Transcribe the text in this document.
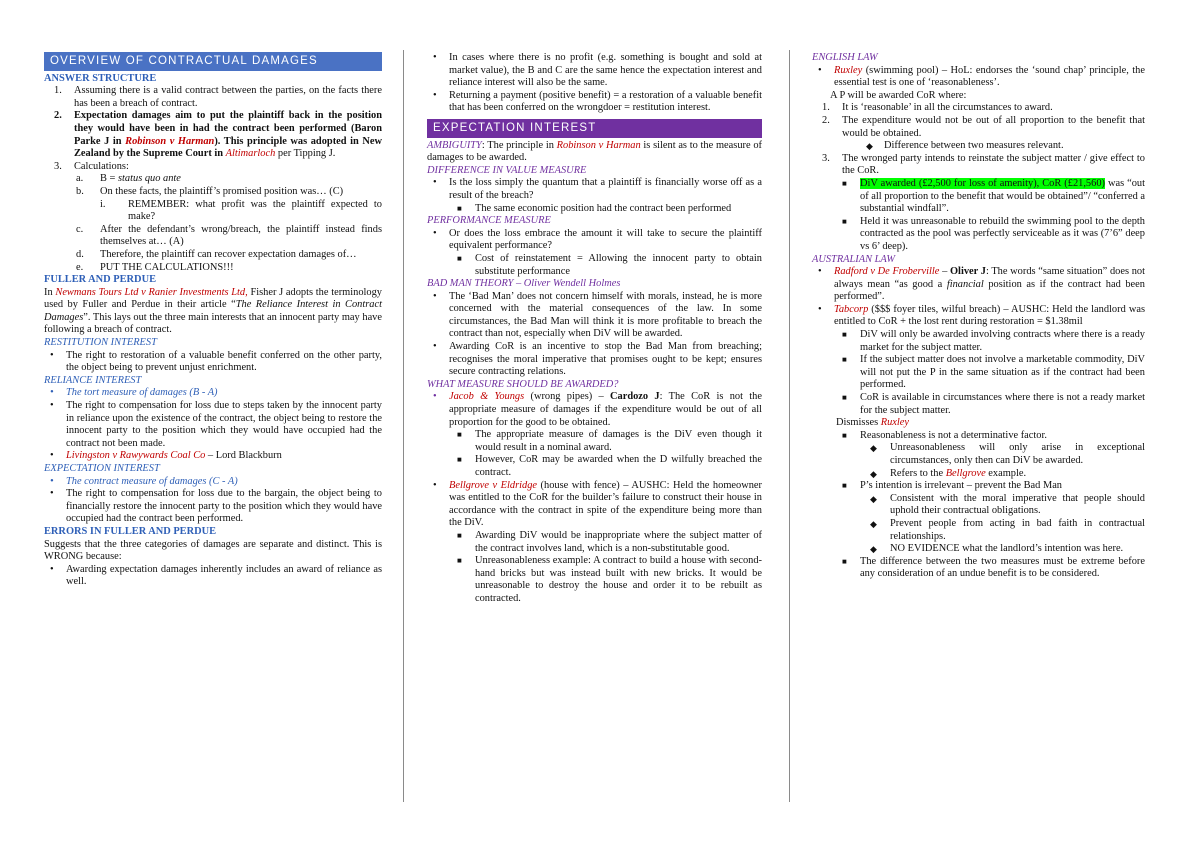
OVERVIEW OF CONTRACTUAL DAMAGES
ANSWER STRUCTURE
1. Assuming there is a valid contract between the parties, on the facts there has been a breach of contract.
2. Expectation damages aim to put the plaintiff back in the position they would have been in had the contract been performed (Baron Parke J in Robinson v Harman). This principle was adopted in New Zealand by the Supreme Court in Altimarloch per Tipping J.
3. Calculations:
a. B = status quo ante
b. On these facts, the plaintiff’s promised position was… (C)
i. REMEMBER: what profit was the plaintiff expected to make?
c. After the defendant’s wrong/breach, the plaintiff instead finds themselves at… (A)
d. Therefore, the plaintiff can recover expectation damages of…
e. PUT THE CALCULATIONS!!!
FULLER AND PERDUE
In Newmans Tours Ltd v Ranier Investments Ltd, Fisher J adopts the terminology used by Fuller and Perdue in their article “The Reliance Interest in Contract Damages”. This lays out the three main interests that an innocent party may have following a breach of contract.
RESTITUTION INTEREST
• The right to restoration of a valuable benefit conferred on the other party, the object being to prevent unjust enrichment.
RELIANCE INTEREST
• The tort measure of damages (B - A)
• The right to compensation for loss due to steps taken by the innocent party in reliance upon the existence of the contract, the object being to restore the innocent party to the position which they would have occupied had the contract not been made.
• Livingston v Rawywards Coal Co – Lord Blackburn
EXPECTATION INTEREST
• The contract measure of damages (C - A)
• The right to compensation for loss due to the bargain, the object being to financially restore the innocent party to the position which they would have occupied had the contract been performed.
ERRORS IN FULLER AND PERDUE
Suggests that the three categories of damages are separate and distinct. This is WRONG because:
• Awarding expectation damages inherently includes an award of reliance as well.
• In cases where there is no profit (e.g. something is bought and sold at market value), the B and C are the same hence the expectation interest and reliance interest will also be the same.
• Returning a payment (positive benefit) = a restoration of a valuable benefit that has been conferred on the wrongdoer = restitution interest.
EXPECTATION INTEREST
AMBIGUITY: The principle in Robinson v Harman is silent as to the measure of damages to be awarded.
DIFFERENCE IN VALUE MEASURE
• Is the loss simply the quantum that a plaintiff is financially worse off as a result of the breach?
■ The same economic position had the contract been performed
PERFORMANCE MEASURE
• Or does the loss embrace the amount it will take to secure the plaintiff equivalent performance?
■ Cost of reinstatement = Allowing the innocent party to obtain substitute performance
BAD MAN THEORY – Oliver Wendell Holmes
• The ‘Bad Man’ does not concern himself with morals, instead, he is more concerned with the material consequences of the law. In some circumstances, the Bad Man will think it is more profitable to breach the contract than not, especially when DiV will be awarded.
• Awarding CoR is an incentive to stop the Bad Man from breaching; recognises the moral imperative that promises ought to be kept; ensures secure contracting relations.
WHAT MEASURE SHOULD BE AWARDED?
• Jacob & Youngs (wrong pipes) – Cardozo J: The CoR is not the appropriate measure of damages if the expenditure would be out of all proportion for the good to be obtained.
■ The appropriate measure of damages is the DiV even though it would result in a nominal award.
■ However, CoR may be awarded when the D wilfully breached the contract.
• Bellgrove v Eldridge (house with fence) – AUSHC: Held the homeowner was entitled to the CoR for the builder’s failure to construct their house in accordance with the contract in spite of the expenditure being more than the DiV.
■ Awarding DiV would be inappropriate where the subject matter of the contract involves land, which is a non-substitutable good.
■ Unreasonableness example: A contract to build a house with second-hand bricks but was instead built with new bricks. It would be unreasonable to destroy the house and order it to be rebuilt as contracted.
ENGLISH LAW
• Ruxley (swimming pool) – HoL: endorses the ‘sound chap’ principle, the essential test is one of ‘reasonableness’.
A P will be awarded CoR where:
1. It is ‘reasonable’ in all the circumstances to award.
2. The expenditure would not be out of all proportion to the benefit that would be obtained.
◆ Difference between two measures relevant.
3. The wronged party intends to reinstate the subject matter / give effect to the CoR.
■ DiV awarded (£2,500 for loss of amenity), CoR (£21,560) was “out of all proportion to the benefit that would be obtained”/ “conferred a substantial windfall”.
■ Held it was unreasonable to rebuild the swimming pool to the depth contracted as the pool was perfectly serviceable as it was (7’6” deep vs 6’ deep).
AUSTRALIAN LAW
• Radford v De Froberville – Oliver J: The words “same situation” does not always mean “as good a financial position as if the contract had been performed”.
• Tabcorp ($$$ foyer tiles, wilful breach) – AUSHC: Held the landlord was entitled to CoR + the lost rent during restoration = $1.38mil
■ DiV will only be awarded involving contracts where there is a ready market for the subject matter.
■ If the subject matter does not involve a marketable commodity, DiV will not put the P in the same situation as if the contract had been performed.
■ CoR is available in circumstances where there is not a ready market for the subject matter.
Dismisses Ruxley
■ Reasonableness is not a determinative factor.
◆ Unreasonableness will only arise in exceptional circumstances, only then can DiV be awarded.
◆ Refers to the Bellgrove example.
■ P’s intention is irrelevant – prevent the Bad Man
◆ Consistent with the moral imperative that people should uphold their contractual obligations.
◆ Prevent people from acting in bad faith in contractual relationships.
◆ NO EVIDENCE what the landlord’s intention was here.
■ The difference between the two measures must be extreme before any consideration of an undue benefit is to be considered.
